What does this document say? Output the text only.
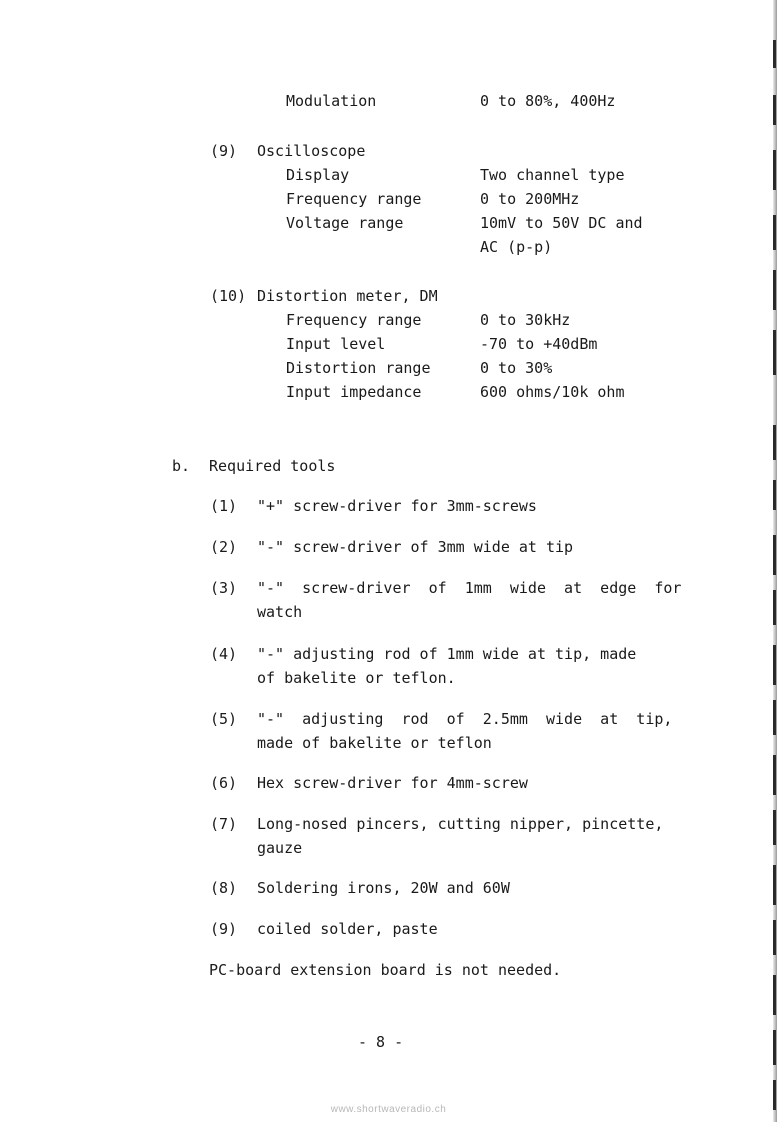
Modulation	0 to 80%, 400Hz
(9) Oscilloscope
Display	Two channel type
Frequency range	0 to 200MHz
Voltage range	10mV to 50V DC and
AC (p-p)
(10) Distortion meter, DM
Frequency range	0 to 30kHz
Input level	-70 to +40dBm
Distortion range	0 to 30%
Input impedance	600 ohms/10k ohm
b. Required tools
(1) "+" screw-driver for 3mm-screws
(2) "-" screw-driver of 3mm wide at tip
(3) "-"  screw-driver  of  1mm  wide  at  edge  for
watch
(4) "-" adjusting rod of 1mm wide at tip, made
of bakelite or teflon.
(5) "-"  adjusting  rod  of  2.5mm  wide  at  tip,
made of bakelite or teflon
(6) Hex screw-driver for 4mm-screw
(7) Long-nosed pincers, cutting nipper, pincette,
gauze
(8) Soldering irons, 20W and 60W
(9) coiled solder, paste
PC-board extension board is not needed.
- 8 -
www.shortwaveradio.ch
